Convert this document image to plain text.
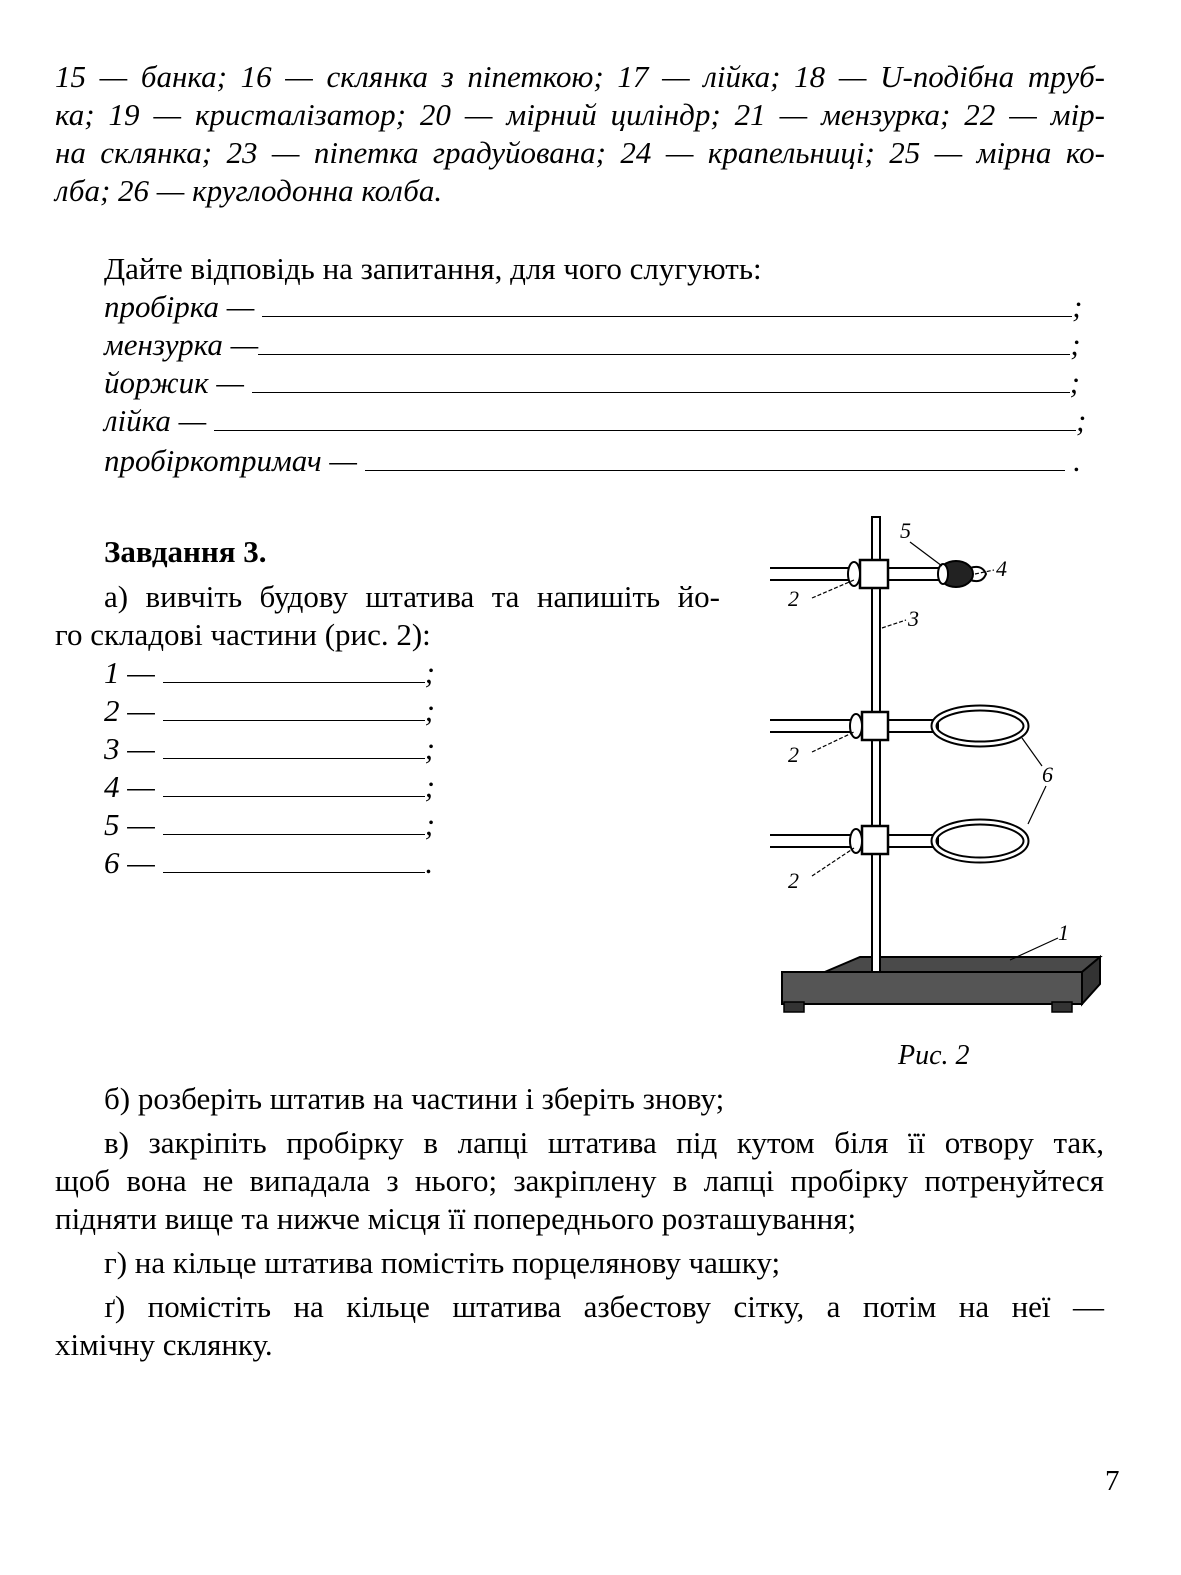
15 — банка; 16 — склянка з піпеткою; 17 — лійка; 18 — U-подібна труб-
ка; 19 — кристалізатор; 20 — мірний циліндр; 21 — мензурка; 22 — мір-
на склянка; 23 — піпетка градуйована; 24 — крапельниці; 25 — мірна ко-
лба; 26 — круглодонна колба.
Дайте відповідь на запитання, для чого слугують:
пробірка —	;
мензурка —	;
йоржик —	;
лійка —	;
пробіркотримач —	.
Завдання 3.
а) вивчіть будову штатива та напишіть йо-
го складові частини (рис. 2):
1 —	;
2 —	;
3 —	;
4 —	;
5 —	;
6 —	.
2
2
2
3
5
4
6
1
Рис. 2
б) розберіть штатив на частини і зберіть знову;
в) закріпіть пробірку в лапці штатива під кутом біля її отвору так,
щоб вона не випадала з нього; закріплену в лапці пробірку потренуйтеся
підняти вище та нижче місця її попереднього розташування;
г) на кільце штатива помістіть порцелянову чашку;
ґ) помістіть на кільце штатива азбестову сітку, а потім на неї —
хімічну склянку.
7
